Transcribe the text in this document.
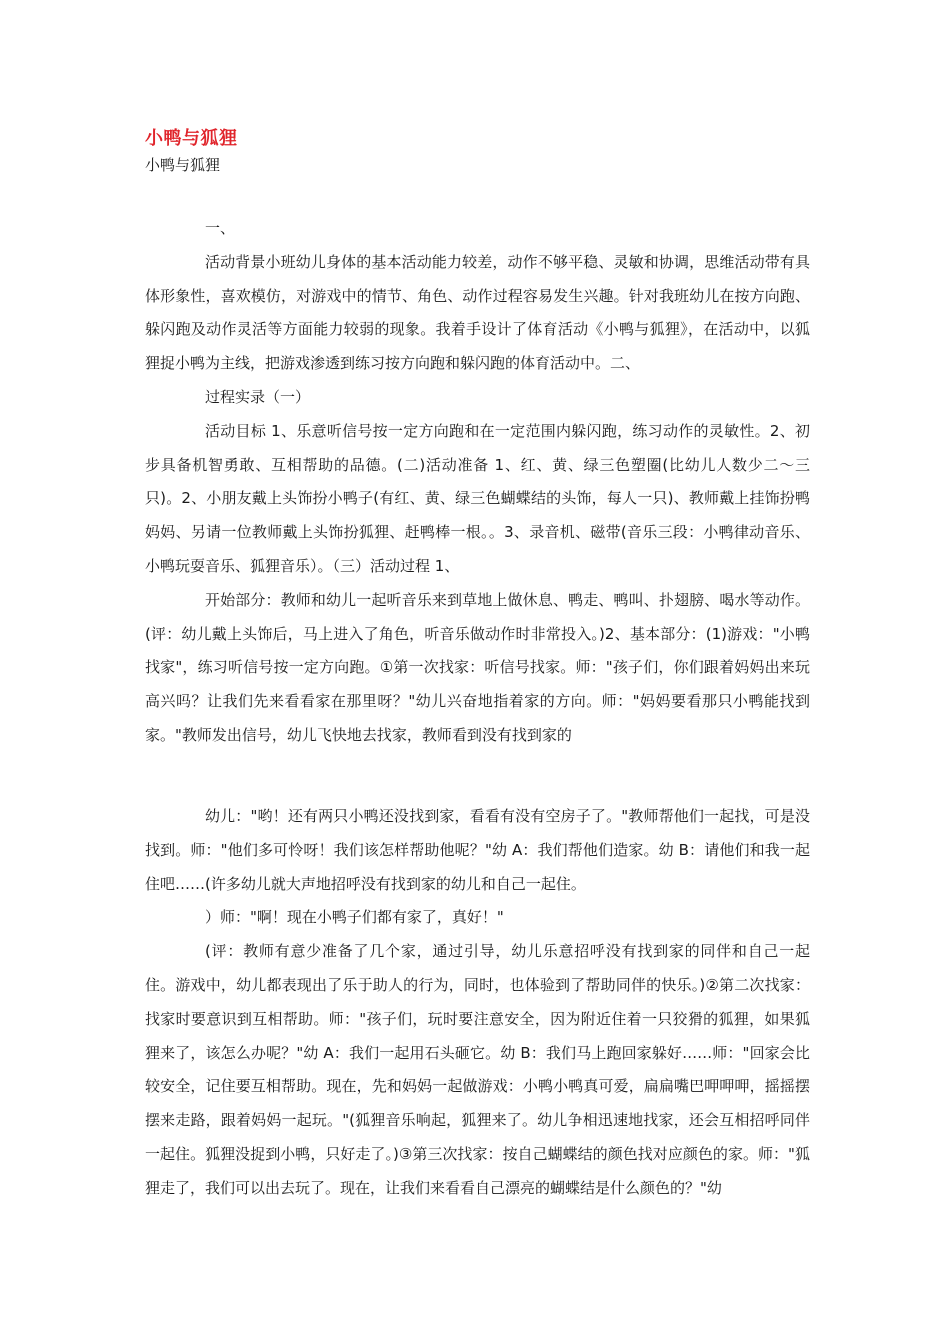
小鸭与狐狸
小鸭与狐狸

一、

活动背景小班幼儿身体的基本活动能力较差，动作不够平稳、灵敏和协调，思维活动带有具体形象性，喜欢模仿，对游戏中的情节、角色、动作过程容易发生兴趣。针对我班幼儿在按方向跑、躲闪跑及动作灵活等方面能力较弱的现象。我着手设计了体育活动《小鸭与狐狸》，在活动中，以狐狸捉小鸭为主线，把游戏渗透到练习按方向跑和躲闪跑的体育活动中。二、

过程实录（一）

活动目标 1、乐意听信号按一定方向跑和在一定范围内躲闪跑，练习动作的灵敏性。2、初步具备机智勇敢、互相帮助的品德。(二)活动准备 1、红、黄、绿三色塑圈(比幼儿人数少二～三只)。2、小朋友戴上头饰扮小鸭子(有红、黄、绿三色蝴蝶结的头饰，每人一只)、教师戴上挂饰扮鸭妈妈、另请一位教师戴上头饰扮狐狸、赶鸭棒一根。。3、录音机、磁带(音乐三段：小鸭律动音乐、小鸭玩耍音乐、狐狸音乐）。（三）活动过程 1、

开始部分：教师和幼儿一起听音乐来到草地上做休息、鸭走、鸭叫、扑翅膀、喝水等动作。(评：幼儿戴上头饰后，马上进入了角色，听音乐做动作时非常投入。)2、基本部分：(1)游戏："小鸭找家"，练习听信号按一定方向跑。①第一次找家：听信号找家。师："孩子们，你们跟着妈妈出来玩高兴吗？让我们先来看看家在那里呀？"幼儿兴奋地指着家的方向。师："妈妈要看那只小鸭能找到家。"教师发出信号，幼儿飞快地去找家，教师看到没有找到家的

幼儿："哟！还有两只小鸭还没找到家，看看有没有空房子了。"教师帮他们一起找，可是没找到。师："他们多可怜呀！我们该怎样帮助他呢？"幼 A：我们帮他们造家。幼 B：请他们和我一起住吧……(许多幼儿就大声地招呼没有找到家的幼儿和自己一起住。

）师："啊！现在小鸭子们都有家了，真好！"

(评：教师有意少准备了几个家，通过引导，幼儿乐意招呼没有找到家的同伴和自己一起住。游戏中，幼儿都表现出了乐于助人的行为，同时，也体验到了帮助同伴的快乐。)②第二次找家：找家时要意识到互相帮助。师："孩子们，玩时要注意安全，因为附近住着一只狡猾的狐狸，如果狐狸来了，该怎么办呢？"幼 A：我们一起用石头砸它。幼 B：我们马上跑回家躲好……师："回家会比较安全，记住要互相帮助。现在，先和妈妈一起做游戏：小鸭小鸭真可爱，扁扁嘴巴呷呷呷，摇摇摆摆来走路，跟着妈妈一起玩。"(狐狸音乐响起，狐狸来了。幼儿争相迅速地找家，还会互相招呼同伴一起住。狐狸没捉到小鸭，只好走了。)③第三次找家：按自己蝴蝶结的颜色找对应颜色的家。师："狐狸走了，我们可以出去玩了。现在，让我们来看看自己漂亮的蝴蝶结是什么颜色的？"幼
